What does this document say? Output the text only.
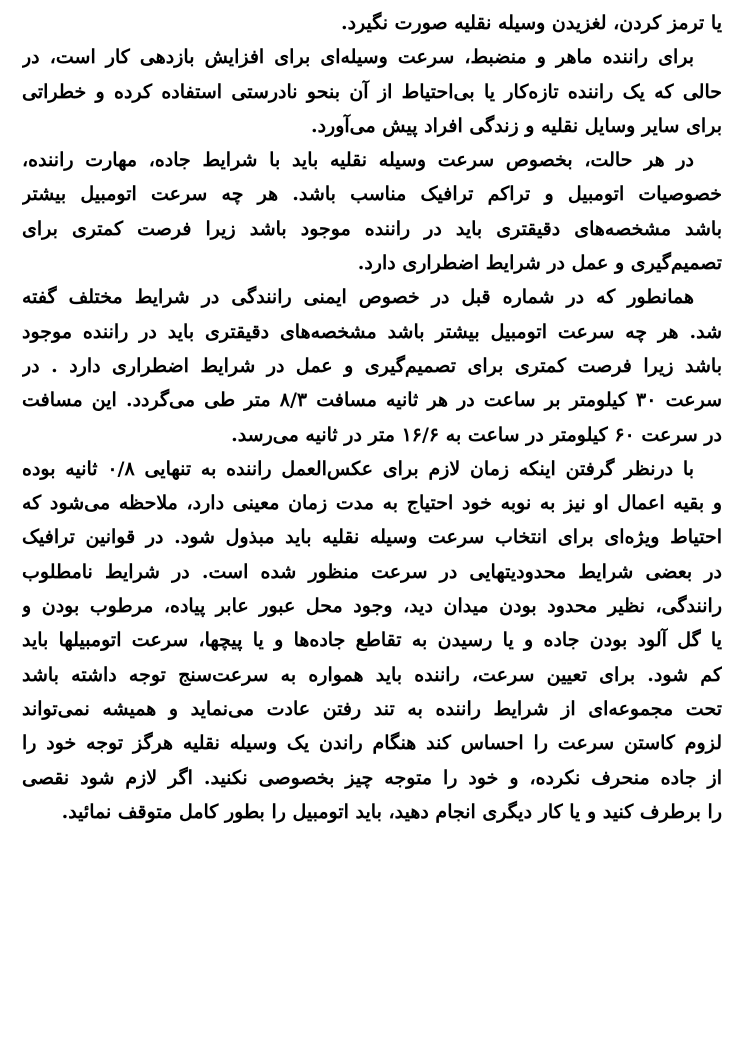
یا ترمز کردن، لغزیدن وسیله نقلیه صورت نگیرد.
برای راننده ماهر و منضبط، سرعت وسیله‌ای برای افزایش بازدهی کار است، در
حالی که یک راننده تازه‌کار یا بی‌احتیاط از آن بنحو نادرستی استفاده کرده و خطراتی
برای سایر وسایل نقلیه و زندگی افراد پیش می‌آورد.
در هر حالت، بخصوص سرعت وسیله نقلیه باید با شرایط جاده، مهارت راننده،
خصوصیات اتومبیل و تراکم ترافیک مناسب باشد. هر چه سرعت اتومبیل بیشتر
باشد مشخصه‌های دقیقتری باید در راننده موجود باشد زیرا فرصت کمتری برای
تصمیم‌گیری و عمل در شرایط اضطراری دارد.
همانطور که در شماره قبل در خصوص ایمنی رانندگی در شرایط مختلف گفته
شد. هر چه سرعت اتومبیل بیشتر باشد مشخصه‌های دقیقتری باید در راننده موجود
باشد زیرا فرصت کمتری برای تصمیم‌گیری و عمل در شرایط اضطراری دارد . در
سرعت ۳۰ کیلومتر بر ساعت در هر ثانیه مسافت ۸/۳ متر طی می‌گردد. این مسافت
در سرعت ۶۰ کیلومتر در ساعت به ۱۶/۶ متر در ثانیه می‌رسد.
با درنظر گرفتن اینکه زمان لازم برای عکس‌العمل راننده به تنهایی ۰/۸ ثانیه بوده
و بقیه اعمال او نیز به نوبه خود احتیاج به مدت زمان معینی دارد، ملاحظه می‌شود که
احتیاط ویژه‌ای برای انتخاب سرعت وسیله نقلیه باید مبذول شود. در قوانین ترافیک
در بعضی شرایط محدودیتهایی در سرعت منظور شده است. در شرایط نامطلوب
رانندگی، نظیر محدود بودن میدان دید، وجود محل عبور عابر پیاده، مرطوب بودن و
یا گل آلود بودن جاده و یا رسیدن به تقاطع جاده‌ها و یا پیچها، سرعت اتومبیلها باید
کم شود. برای تعیین سرعت، راننده باید همواره به سرعت‌سنج توجه داشته باشد
تحت مجموعه‌ای از شرایط راننده به تند رفتن عادت می‌نماید و همیشه نمی‌تواند
لزوم کاستن سرعت را احساس کند هنگام راندن یک وسیله نقلیه هرگز توجه خود را
از جاده منحرف نکرده، و خود را متوجه چیز بخصوصی نکنید. اگر لازم شود نقصی
را برطرف کنید و یا کار دیگری انجام دهید، باید اتومبیل را بطور کامل متوقف نمائید.
